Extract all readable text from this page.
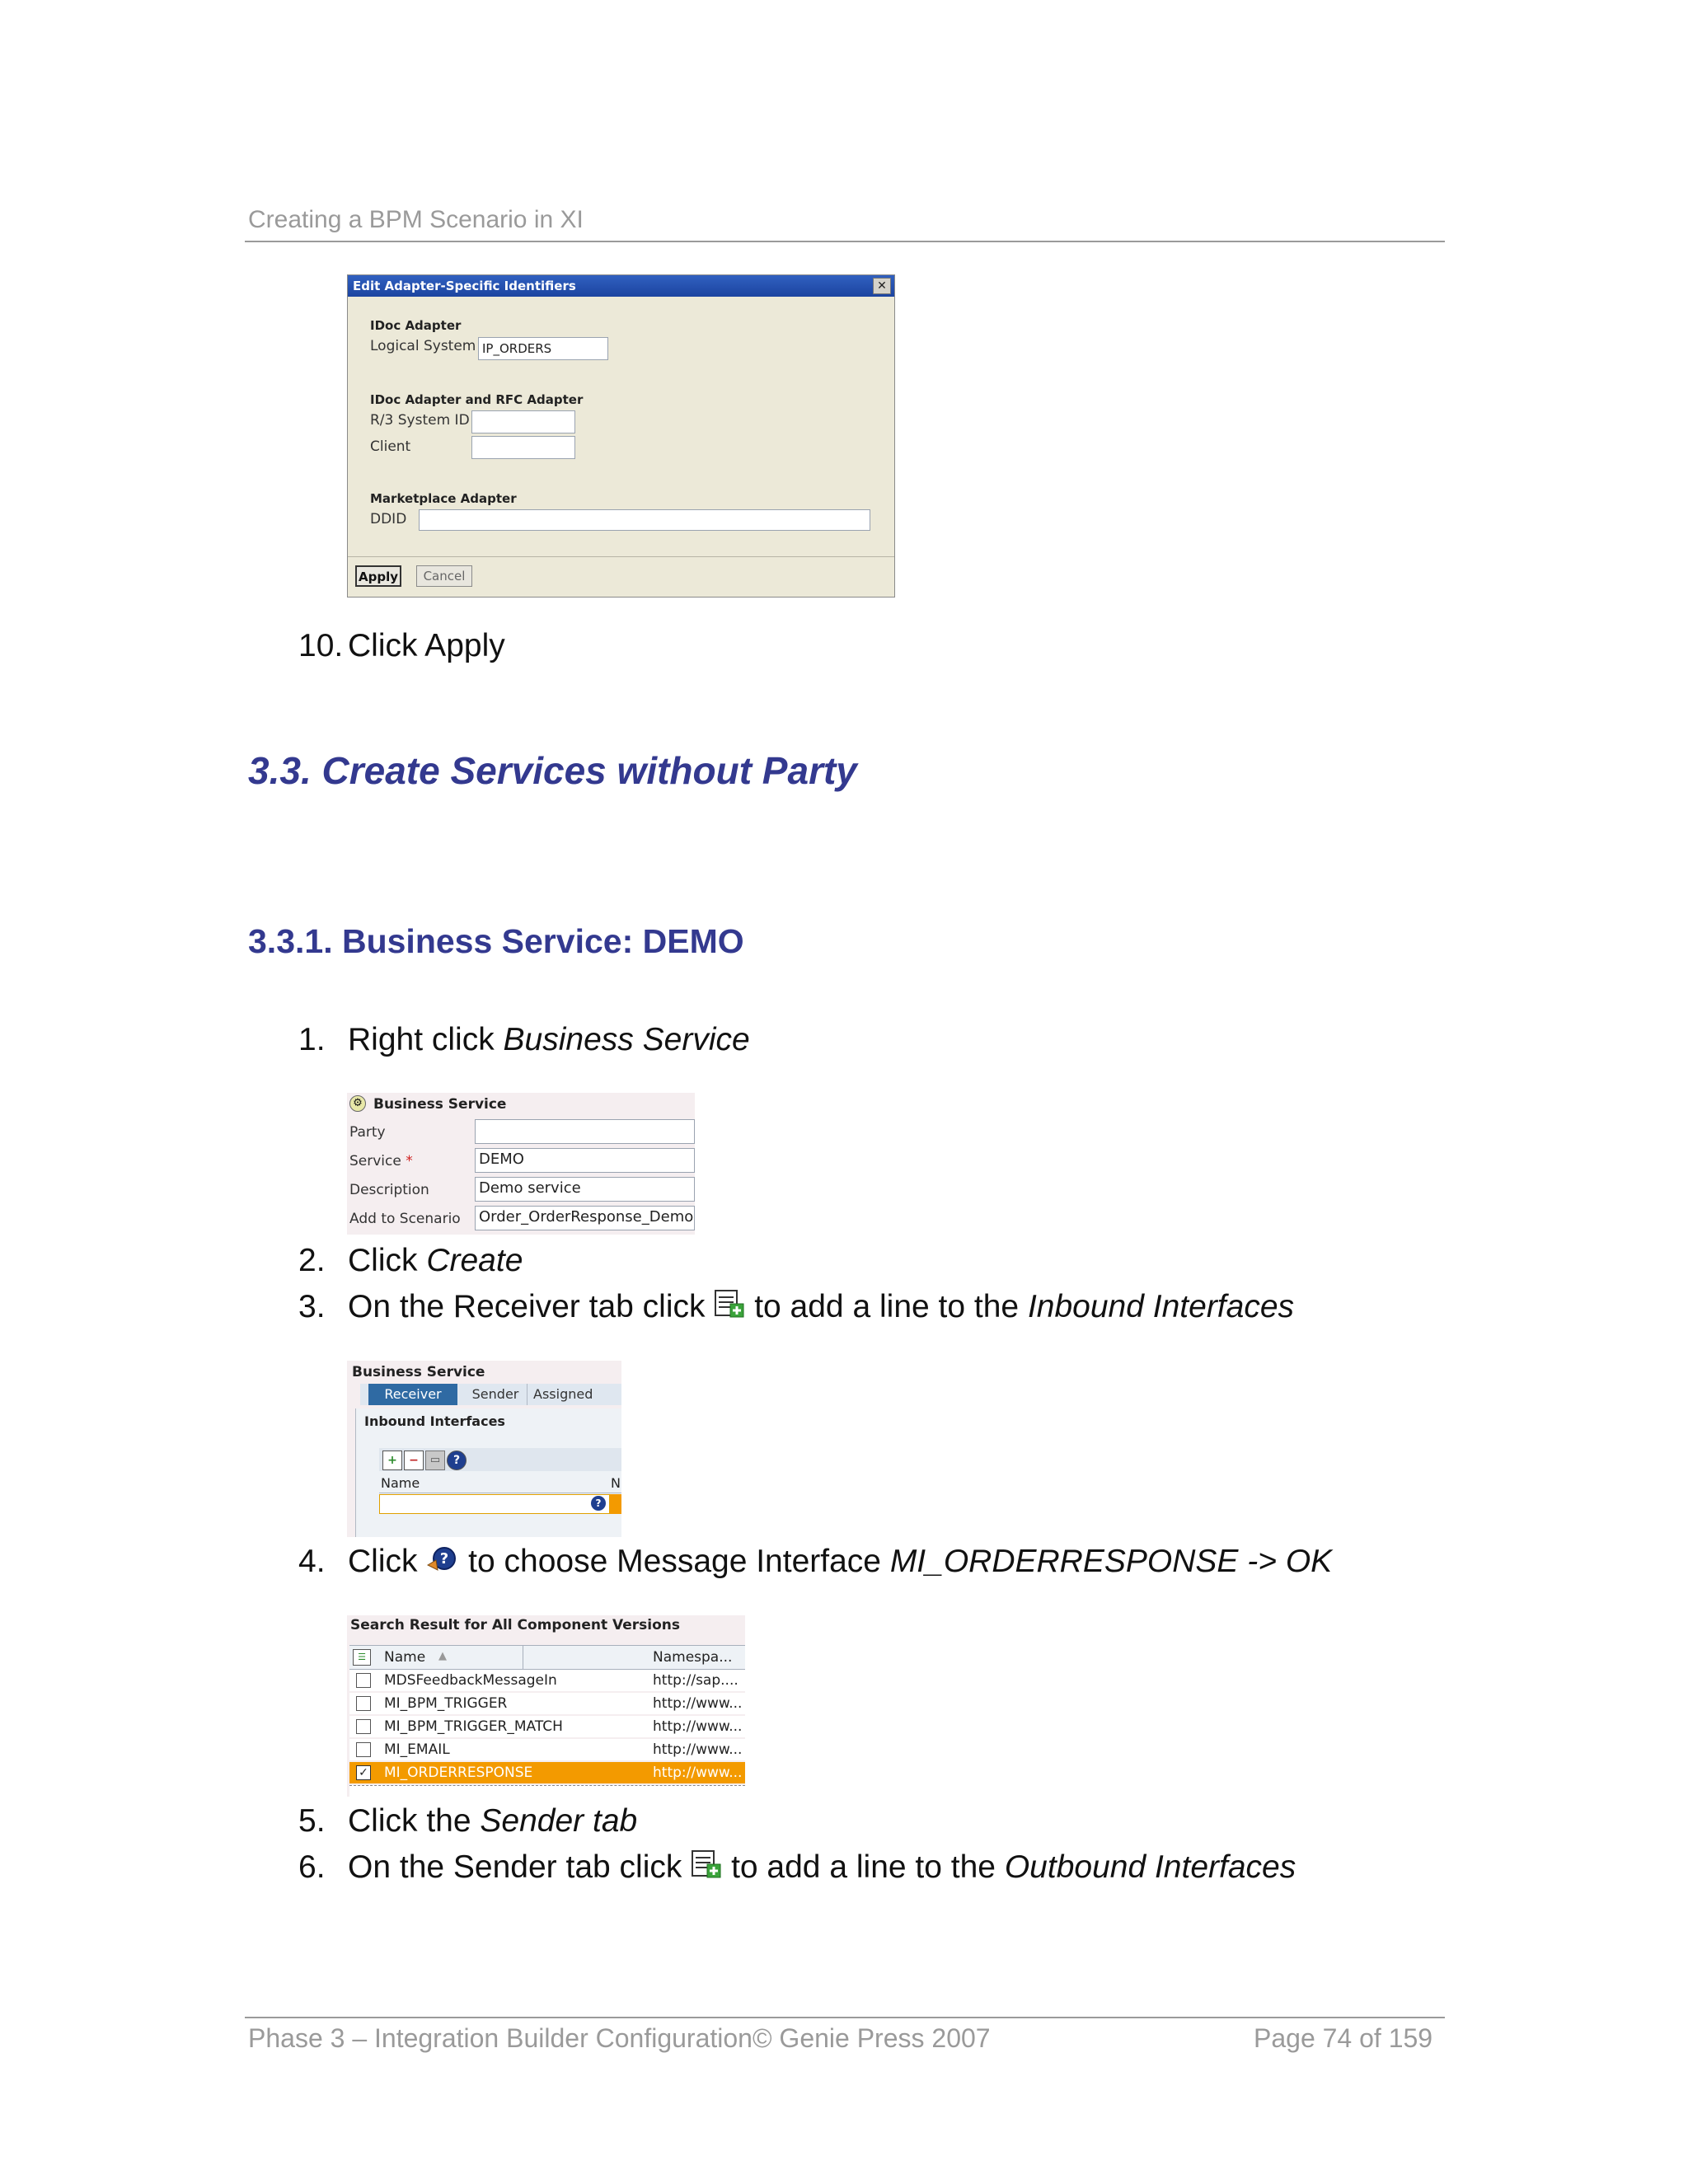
Creating a BPM Scenario in XI
Edit Adapter-Specific Identifiers	✕
IDoc Adapter
Logical System IP_ORDERS
IDoc Adapter and RFC Adapter
R/3 System ID
Client
Marketplace Adapter
DDID
Apply	Cancel
10. Click Apply
3.3. Create Services without Party
3.3.1. Business Service: DEMO
1. Right click Business Service
⚙ Business Service
Party
Service *	DEMO
Description	Demo service
Add to Scenario Order_OrderResponse_Demo
2. Click Create
3. On the Receiver tab click  to add a line to the Inbound Interfaces
Business Service
Receiver	Sender	Assigned
Inbound Interfaces
+	−	▭	?
Name	N
?
4. Click ? to choose Message Interface MI_ORDERRESPONSE -> OK
Search Result for All Component Versions
☰	Name ▲	Namespa...
MDSFeedbackMessageIn	http://sap....
MI_BPM_TRIGGER	http://www...
MI_BPM_TRIGGER_MATCH	http://www...
MI_EMAIL	http://www...
✓ MI_ORDERRESPONSE	http://www...
5. Click the Sender tab
6. On the Sender tab click  to add a line to the Outbound Interfaces
Phase 3 – Integration Builder Configuration© Genie Press 2007	Page 74 of 159
